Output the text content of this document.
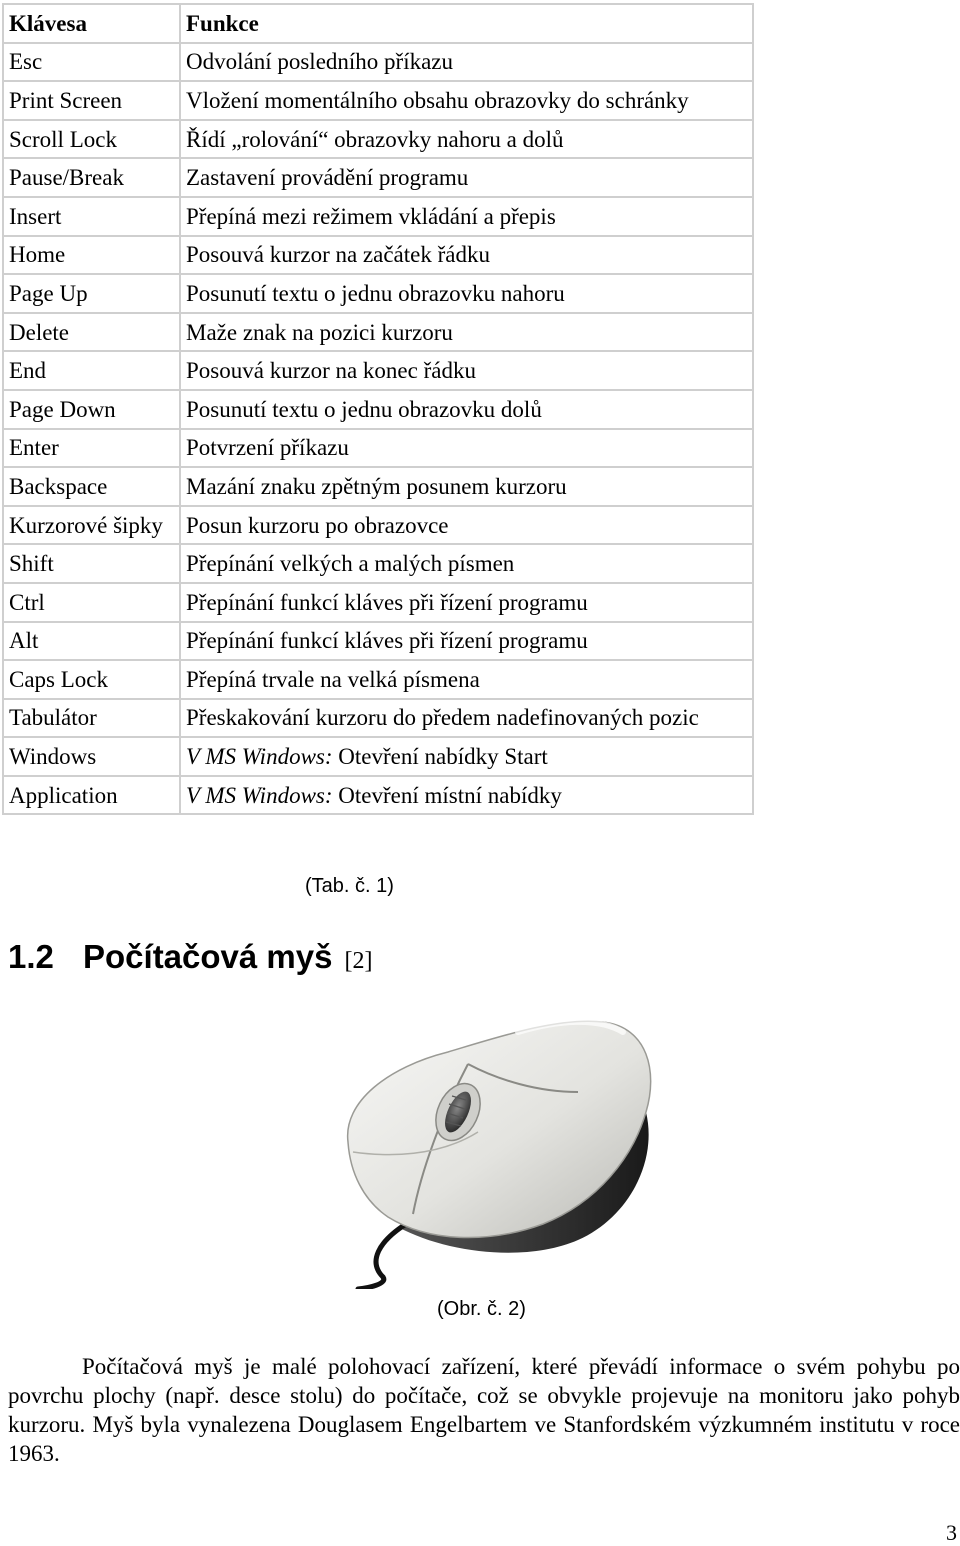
Klávesa	Funkce
Esc	Odvolání posledního příkazu
Print Screen	Vložení momentálního obsahu obrazovky do schránky
Scroll Lock	Řídí „rolování“ obrazovky nahoru a dolů
Pause/Break	Zastavení provádění programu
Insert	Přepíná mezi režimem vkládání a přepis
Home	Posouvá kurzor na začátek řádku
Page Up	Posunutí textu o jednu obrazovku nahoru
Delete	Maže znak na pozici kurzoru
End	Posouvá kurzor na konec řádku
Page Down	Posunutí textu o jednu obrazovku dolů
Enter	Potvrzení příkazu
Backspace	Mazání znaku zpětným posunem kurzoru
Kurzorové šipky	Posun kurzoru po obrazovce
Shift	Přepínání velkých a malých písmen
Ctrl	Přepínání funkcí kláves při řízení programu
Alt	Přepínání funkcí kláves při řízení programu
Caps Lock	Přepíná trvale na velká písmena
Tabulátor	Přeskakování kurzoru do předem nadefinovaných pozic
Windows	V MS Windows: Otevření nabídky Start
Application	V MS Windows: Otevření místní nabídky
(Tab. č. 1)
1.2 Počítačová myš [2]
(Obr. č. 2)

Počítačová myš je malé polohovací zařízení, které převádí informace o svém pohybu po povrchu plochy (např. desce stolu) do počítače, což se obvykle projevuje na monitoru jako pohyb kurzoru. Myš byla vynalezena Douglasem Engelbartem ve Stanfordském výzkumném institutu v roce 1963.

3
